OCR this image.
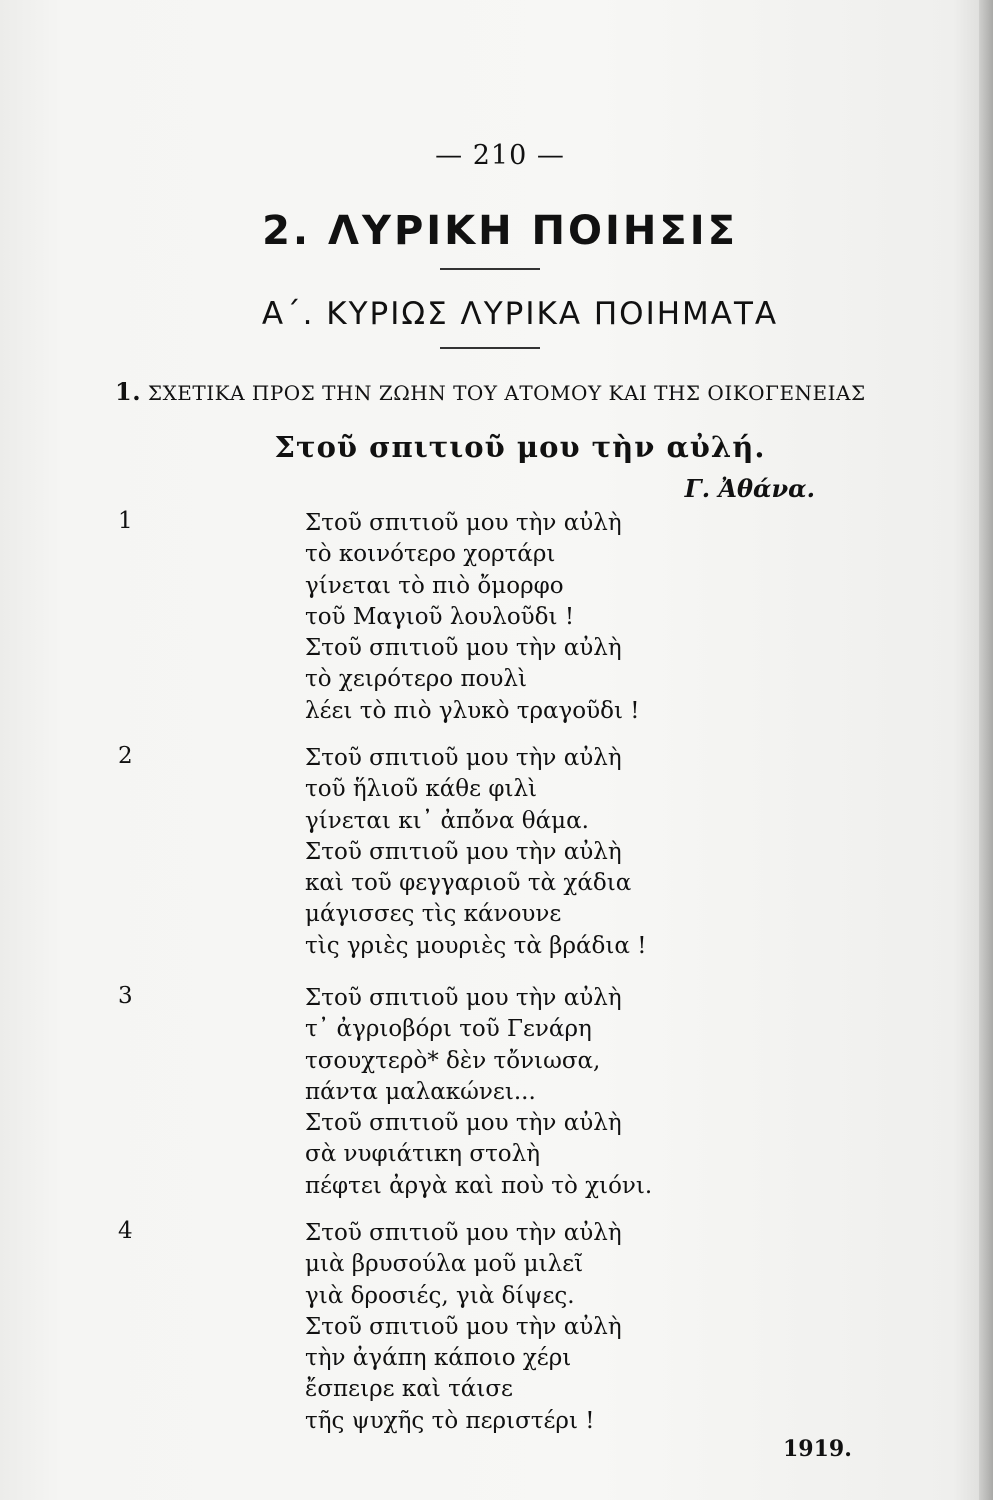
— 210 —
2. ΛΥΡΙΚΗ ΠΟΙΗΣΙΣ
Α΄. ΚΥΡΙΩΣ ΛΥΡΙΚΑ ΠΟΙΗΜΑΤΑ
1. ΣΧΕΤΙΚΑ ΠΡΟΣ ΤΗΝ ΖΩΗΝ ΤΟΥ ΑΤΟΜΟΥ ΚΑΙ ΤΗΣ ΟΙΚΟΓΕΝΕΙΑΣ
Στοῦ σπιτιοῦ μου τὴν αὐλή.
Γ. Ἀθάνα.
1	Στοῦ σπιτιοῦ μου τὴν αὐλὴ
τὸ κοινότερο χορτάρι
γίνεται τὸ πιὸ ὄμορφο
τοῦ Μαγιοῦ λουλοῦδι !
Στοῦ σπιτιοῦ μου τὴν αὐλὴ
τὸ χειρότερο πουλὶ
λέει τὸ πιὸ γλυκὸ τραγοῦδι !
2	Στοῦ σπιτιοῦ μου τὴν αὐλὴ
τοῦ ἥλιοῦ κάθε φιλὶ
γίνεται κι᾽ ἀπὄνα θάμα.
Στοῦ σπιτιοῦ μου τὴν αὐλὴ
καὶ τοῦ φεγγαριοῦ τὰ χάδια
μάγισσες τὶς κάνουνε
τὶς γριὲς μουριὲς τὰ βράδια !
3	Στοῦ σπιτιοῦ μου τὴν αὐλὴ
τ᾽ ἀγριοβόρι τοῦ Γενάρη
τσουχτερὸ* δὲν τὄνιωσα,
πάντα μαλακώνει...
Στοῦ σπιτιοῦ μου τὴν αὐλὴ
σὰ νυφιάτικη στολὴ
πέφτει ἀργὰ καὶ ποὺ τὸ χιόνι.
4	Στοῦ σπιτιοῦ μου τὴν αὐλὴ
μιὰ βρυσούλα μοῦ μιλεῖ
γιὰ δροσιές, γιὰ δίψες.
Στοῦ σπιτιοῦ μου τὴν αὐλὴ
τὴν ἀγάπη κάποιο χέρι
ἔσπειρε καὶ τάισε
τῆς ψυχῆς τὸ περιστέρι !
1919.
